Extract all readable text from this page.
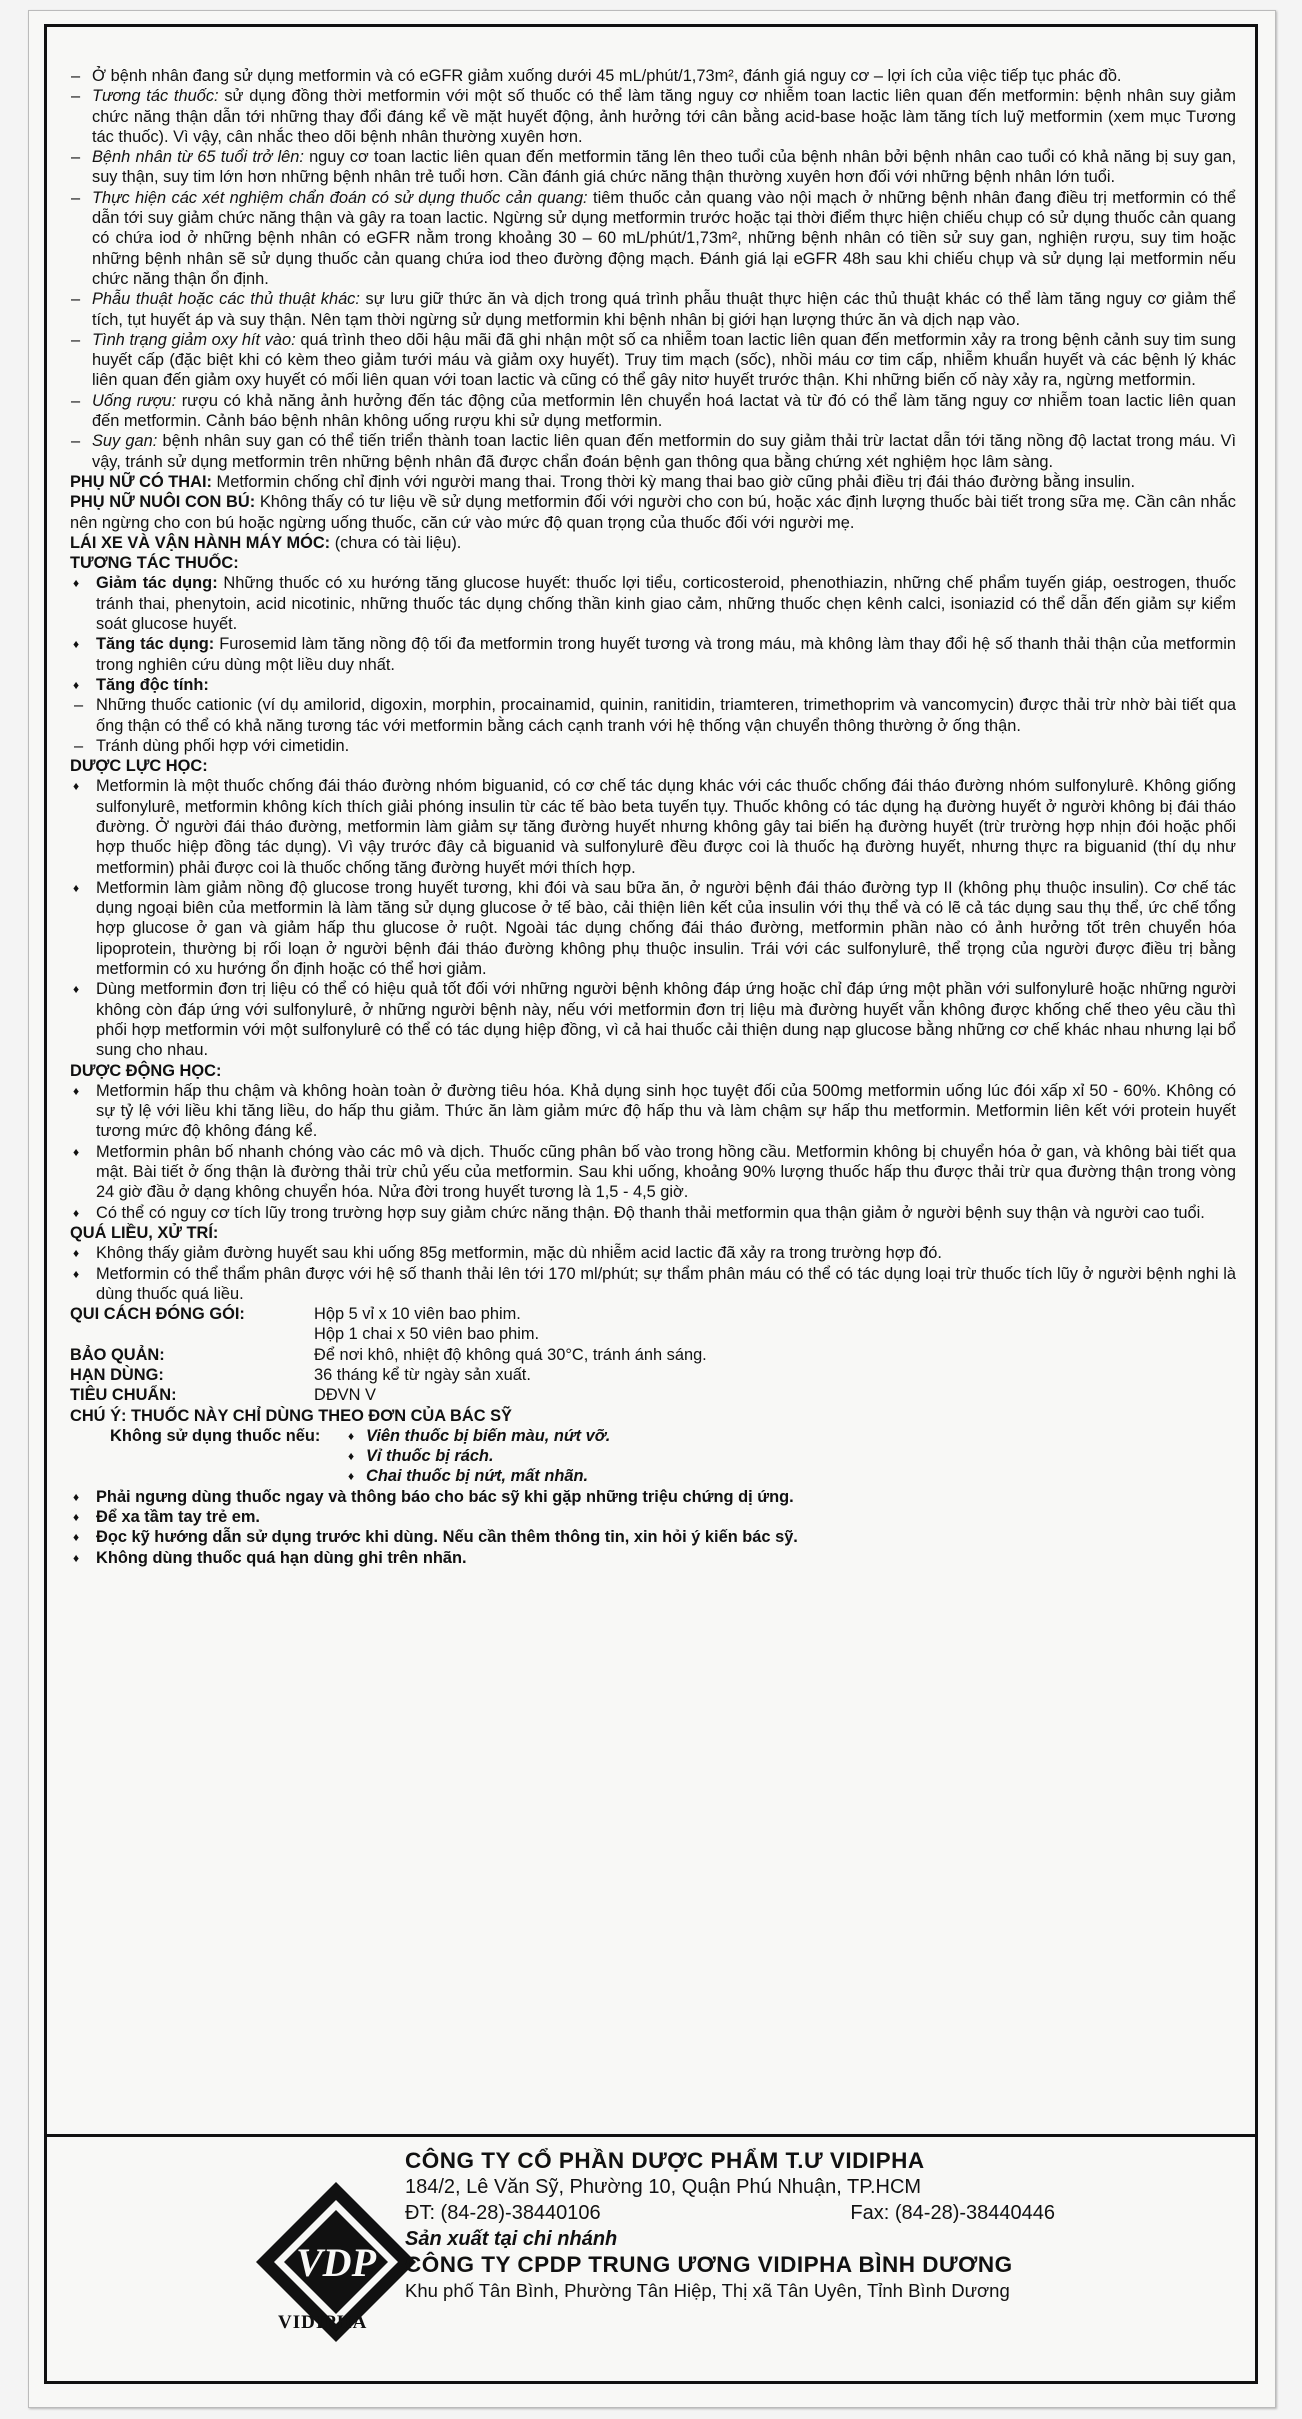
– Ở bệnh nhân đang sử dụng metformin và có eGFR giảm xuống dưới 45 mL/phút/1,73m², đánh giá nguy cơ – lợi ích của việc tiếp tục phác đồ.

– Tương tác thuốc: sử dụng đồng thời metformin với một số thuốc có thể làm tăng nguy cơ nhiễm toan lactic liên quan đến metformin: bệnh nhân suy giảm chức năng thận dẫn tới những thay đổi đáng kể về mặt huyết động, ảnh hưởng tới cân bằng acid-base hoặc làm tăng tích luỹ metformin (xem mục Tương tác thuốc). Vì vậy, cân nhắc theo dõi bệnh nhân thường xuyên hơn.

– Bệnh nhân từ 65 tuổi trở lên: nguy cơ toan lactic liên quan đến metformin tăng lên theo tuổi của bệnh nhân bởi bệnh nhân cao tuổi có khả năng bị suy gan, suy thận, suy tim lớn hơn những bệnh nhân trẻ tuổi hơn. Cần đánh giá chức năng thận thường xuyên hơn đối với những bệnh nhân lớn tuổi.

– Thực hiện các xét nghiệm chẩn đoán có sử dụng thuốc cản quang: tiêm thuốc cản quang vào nội mạch ở những bệnh nhân đang điều trị metformin có thể dẫn tới suy giảm chức năng thận và gây ra toan lactic. Ngừng sử dụng metformin trước hoặc tại thời điểm thực hiện chiếu chụp có sử dụng thuốc cản quang có chứa iod ở những bệnh nhân có eGFR nằm trong khoảng 30 – 60 mL/phút/1,73m², những bệnh nhân có tiền sử suy gan, nghiện rượu, suy tim hoặc những bệnh nhân sẽ sử dụng thuốc cản quang chứa iod theo đường động mạch. Đánh giá lại eGFR 48h sau khi chiếu chụp và sử dụng lại metformin nếu chức năng thận ổn định.

– Phẫu thuật hoặc các thủ thuật khác: sự lưu giữ thức ăn và dịch trong quá trình phẫu thuật thực hiện các thủ thuật khác có thể làm tăng nguy cơ giảm thể tích, tụt huyết áp và suy thận. Nên tạm thời ngừng sử dụng metformin khi bệnh nhân bị giới hạn lượng thức ăn và dịch nạp vào.

– Tình trạng giảm oxy hít vào: quá trình theo dõi hậu mãi đã ghi nhận một số ca nhiễm toan lactic liên quan đến metformin xảy ra trong bệnh cảnh suy tim sung huyết cấp (đặc biệt khi có kèm theo giảm tưới máu và giảm oxy huyết). Truy tim mạch (sốc), nhồi máu cơ tim cấp, nhiễm khuẩn huyết và các bệnh lý khác liên quan đến giảm oxy huyết có mối liên quan với toan lactic và cũng có thể gây nitơ huyết trước thận. Khi những biến cố này xảy ra, ngừng metformin.

– Uống rượu: rượu có khả năng ảnh hưởng đến tác động của metformin lên chuyển hoá lactat và từ đó có thể làm tăng nguy cơ nhiễm toan lactic liên quan đến metformin. Cảnh báo bệnh nhân không uống rượu khi sử dụng metformin.

– Suy gan: bệnh nhân suy gan có thể tiến triển thành toan lactic liên quan đến metformin do suy giảm thải trừ lactat dẫn tới tăng nồng độ lactat trong máu. Vì vậy, tránh sử dụng metformin trên những bệnh nhân đã được chẩn đoán bệnh gan thông qua bằng chứng xét nghiệm học lâm sàng.

PHỤ NỮ CÓ THAI: Metformin chống chỉ định với người mang thai. Trong thời kỳ mang thai bao giờ cũng phải điều trị đái tháo đường bằng insulin.

PHỤ NỮ NUÔI CON BÚ: Không thấy có tư liệu về sử dụng metformin đối với người cho con bú, hoặc xác định lượng thuốc bài tiết trong sữa mẹ. Cần cân nhắc nên ngừng cho con bú hoặc ngừng uống thuốc, căn cứ vào mức độ quan trọng của thuốc đối với người mẹ.

LÁI XE VÀ VẬN HÀNH MÁY MÓC: (chưa có tài liệu).

TƯƠNG TÁC THUỐC:

♦ Giảm tác dụng: Những thuốc có xu hướng tăng glucose huyết: thuốc lợi tiểu, corticosteroid, phenothiazin, những chế phẩm tuyến giáp, oestrogen, thuốc tránh thai, phenytoin, acid nicotinic, những thuốc tác dụng chống thần kinh giao cảm, những thuốc chẹn kênh calci, isoniazid có thể dẫn đến giảm sự kiểm soát glucose huyết.

♦ Tăng tác dụng: Furosemid làm tăng nồng độ tối đa metformin trong huyết tương và trong máu, mà không làm thay đổi hệ số thanh thải thận của metformin trong nghiên cứu dùng một liều duy nhất.

♦ Tăng độc tính:

– Những thuốc cationic (ví dụ amilorid, digoxin, morphin, procainamid, quinin, ranitidin, triamteren, trimethoprim và vancomycin) được thải trừ nhờ bài tiết qua ống thận có thể có khả năng tương tác với metformin bằng cách cạnh tranh với hệ thống vận chuyển thông thường ở ống thận.

– Tránh dùng phối hợp với cimetidin.

DƯỢC LỰC HỌC:

♦ Metformin là một thuốc chống đái tháo đường nhóm biguanid, có cơ chế tác dụng khác với các thuốc chống đái tháo đường nhóm sulfonylurê. Không giống sulfonylurê, metformin không kích thích giải phóng insulin từ các tế bào beta tuyến tụy. Thuốc không có tác dụng hạ đường huyết ở người không bị đái tháo đường. Ở người đái tháo đường, metformin làm giảm sự tăng đường huyết nhưng không gây tai biến hạ đường huyết (trừ trường hợp nhịn đói hoặc phối hợp thuốc hiệp đồng tác dụng). Vì vậy trước đây cả biguanid và sulfonylurê đều được coi là thuốc hạ đường huyết, nhưng thực ra biguanid (thí dụ như metformin) phải được coi là thuốc chống tăng đường huyết mới thích hợp.

♦ Metformin làm giảm nồng độ glucose trong huyết tương, khi đói và sau bữa ăn, ở người bệnh đái tháo đường typ II (không phụ thuộc insulin). Cơ chế tác dụng ngoại biên của metformin là làm tăng sử dụng glucose ở tế bào, cải thiện liên kết của insulin với thụ thể và có lẽ cả tác dụng sau thụ thể, ức chế tổng hợp glucose ở gan và giảm hấp thu glucose ở ruột. Ngoài tác dụng chống đái tháo đường, metformin phần nào có ảnh hưởng tốt trên chuyển hóa lipoprotein, thường bị rối loạn ở người bệnh đái tháo đường không phụ thuộc insulin. Trái với các sulfonylurê, thể trọng của người được điều trị bằng metformin có xu hướng ổn định hoặc có thể hơi giảm.

♦ Dùng metformin đơn trị liệu có thể có hiệu quả tốt đối với những người bệnh không đáp ứng hoặc chỉ đáp ứng một phần với sulfonylurê hoặc những người không còn đáp ứng với sulfonylurê, ở những người bệnh này, nếu với metformin đơn trị liệu mà đường huyết vẫn không được khống chế theo yêu cầu thì phối hợp metformin với một sulfonylurê có thể có tác dụng hiệp đồng, vì cả hai thuốc cải thiện dung nạp glucose bằng những cơ chế khác nhau nhưng lại bổ sung cho nhau.

DƯỢC ĐỘNG HỌC:

♦ Metformin hấp thu chậm và không hoàn toàn ở đường tiêu hóa. Khả dụng sinh học tuyệt đối của 500mg metformin uống lúc đói xấp xỉ 50 - 60%. Không có sự tỷ lệ với liều khi tăng liều, do hấp thu giảm. Thức ăn làm giảm mức độ hấp thu và làm chậm sự hấp thu metformin. Metformin liên kết với protein huyết tương mức độ không đáng kể.

♦ Metformin phân bố nhanh chóng vào các mô và dịch. Thuốc cũng phân bố vào trong hồng cầu. Metformin không bị chuyển hóa ở gan, và không bài tiết qua mật. Bài tiết ở ống thận là đường thải trừ chủ yếu của metformin. Sau khi uống, khoảng 90% lượng thuốc hấp thu được thải trừ qua đường thận trong vòng 24 giờ đầu ở dạng không chuyển hóa. Nửa đời trong huyết tương là 1,5 - 4,5 giờ.

♦ Có thể có nguy cơ tích lũy trong trường hợp suy giảm chức năng thận. Độ thanh thải metformin qua thận giảm ở người bệnh suy thận và người cao tuổi.

QUÁ LIỀU, XỬ TRÍ:

♦ Không thấy giảm đường huyết sau khi uống 85g metformin, mặc dù nhiễm acid lactic đã xảy ra trong trường hợp đó.

♦ Metformin có thể thẩm phân được với hệ số thanh thải lên tới 170 ml/phút; sự thẩm phân máu có thể có tác dụng loại trừ thuốc tích lũy ở người bệnh nghi là dùng thuốc quá liều.

QUI CÁCH ĐÓNG GÓI:	Hộp 5 vỉ x 10 viên bao phim.
Hộp 1 chai x 50 viên bao phim.
BẢO QUẢN:	Để nơi khô, nhiệt độ không quá 30°C, tránh ánh sáng.
HẠN DÙNG:	36 tháng kể từ ngày sản xuất.
TIÊU CHUẨN:	DĐVN V

CHÚ Ý: THUỐC NÀY CHỈ DÙNG THEO ĐƠN CỦA BÁC SỸ

Không sử dụng thuốc nếu:
♦	Viên thuốc bị biến màu, nứt vỡ.
♦ Vỉ thuốc bị rách.
♦ Chai thuốc bị nứt, mất nhãn.

♦ Phải ngưng dùng thuốc ngay và thông báo cho bác sỹ khi gặp những triệu chứng dị ứng.

♦ Để xa tầm tay trẻ em.

♦ Đọc kỹ hướng dẫn sử dụng trước khi dùng. Nếu cần thêm thông tin, xin hỏi ý kiến bác sỹ.

♦ Không dùng thuốc quá hạn dùng ghi trên nhãn.

VDP
VIDIPHA
CÔNG TY CỔ PHẦN DƯỢC PHẨM T.Ư VIDIPHA
184/2, Lê Văn Sỹ, Phường 10, Quận Phú Nhuận, TP.HCM
ĐT: (84-28)-38440106	Fax: (84-28)-38440446
Sản xuất tại chi nhánh
CÔNG TY CPDP TRUNG ƯƠNG VIDIPHA BÌNH DƯƠNG
Khu phố Tân Bình, Phường Tân Hiệp, Thị xã Tân Uyên, Tỉnh Bình Dương
